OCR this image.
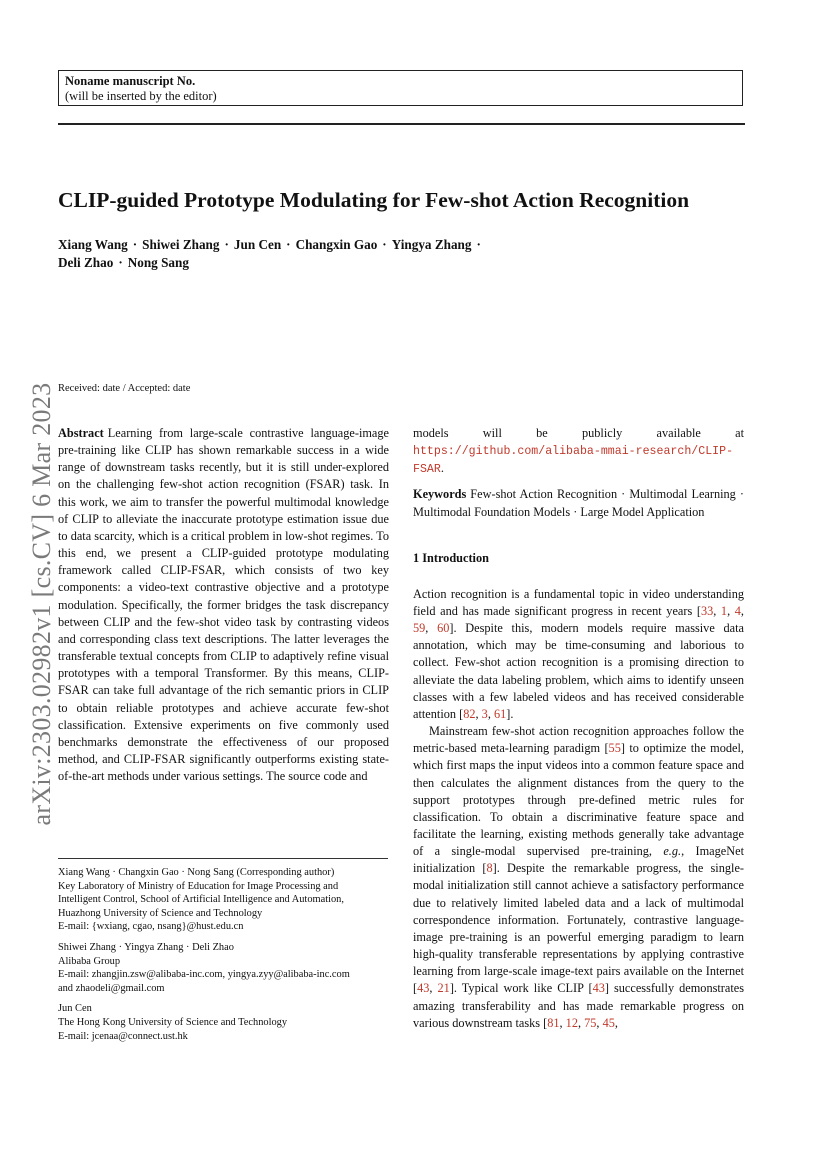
Noname manuscript No.
(will be inserted by the editor)
CLIP-guided Prototype Modulating for Few-shot Action Recognition
Xiang Wang · Shiwei Zhang · Jun Cen · Changxin Gao · Yingya Zhang ·
Deli Zhao · Nong Sang
arXiv:2303.02982v1 [cs.CV] 6 Mar 2023 Received: date / Accepted: date

Abstract Learning from large-scale contrastive language-image pre-training like CLIP has shown remarkable success in a wide range of downstream tasks recently, but it is still under-explored on the challenging few-shot action recognition (FSAR) task. In this work, we aim to transfer the powerful multimodal knowledge of CLIP to alleviate the inaccurate prototype estimation issue due to data scarcity, which is a critical problem in low-shot regimes. To this end, we present a CLIP-guided prototype modulating framework called CLIP-FSAR, which consists of two key components: a video-text contrastive objective and a prototype modulation. Specifically, the former bridges the task discrepancy between CLIP and the few-shot video task by contrasting videos and corresponding class text descriptions. The latter leverages the transferable textual concepts from CLIP to adaptively refine visual prototypes with a temporal Transformer. By this means, CLIP-FSAR can take full advantage of the rich semantic priors in CLIP to obtain reliable prototypes and achieve accurate few-shot classification. Extensive experiments on five commonly used benchmarks demonstrate the effectiveness of our proposed method, and CLIP-FSAR significantly outperforms existing state-of-the-art methods under various settings. The source code and

models will be publicly available at https://github.com/alibaba-mmai-research/CLIP-FSAR.

Keywords Few-shot Action Recognition · Multimodal Learning · Multimodal Foundation Models · Large Model Application

1 Introduction

Action recognition is a fundamental topic in video understanding field and has made significant progress in recent years [33, 1, 4, 59, 60]. Despite this, modern models require massive data annotation, which may be time-consuming and laborious to collect. Few-shot action recognition is a promising direction to alleviate the data labeling problem, which aims to identify unseen classes with a few labeled videos and has received considerable attention [82, 3, 61].

Mainstream few-shot action recognition approaches follow the metric-based meta-learning paradigm [55] to optimize the model, which first maps the input videos into a common feature space and then calculates the alignment distances from the query to the support prototypes through pre-defined metric rules for classification. To obtain a discriminative feature space and facilitate the learning, existing methods generally take advantage of a single-modal supervised pre-training, e.g., ImageNet initialization [8]. Despite the remarkable progress, the single-modal initialization still cannot achieve a satisfactory performance due to relatively limited labeled data and a lack of multimodal correspondence information. Fortunately, contrastive language-image pre-training is an powerful emerging paradigm to learn high-quality transferable representations by applying contrastive learning from large-scale image-text pairs available on the Internet [43, 21]. Typical work like CLIP [43] successfully demonstrates amazing transferability and has made remarkable progress on various downstream tasks [81, 12, 75, 45,

Xiang Wang · Changxin Gao · Nong Sang (Corresponding author)
Key Laboratory of Ministry of Education for Image Processing and
Intelligent Control, School of Artificial Intelligence and Automation,
Huazhong University of Science and Technology
E-mail: {wxiang, cgao, nsang}@hust.edu.cn
Shiwei Zhang · Yingya Zhang · Deli Zhao
Alibaba Group
E-mail: zhangjin.zsw@alibaba-inc.com, yingya.zyy@alibaba-inc.com
and zhaodeli@gmail.com
Jun Cen
The Hong Kong University of Science and Technology
E-mail: jcenaa@connect.ust.hk
